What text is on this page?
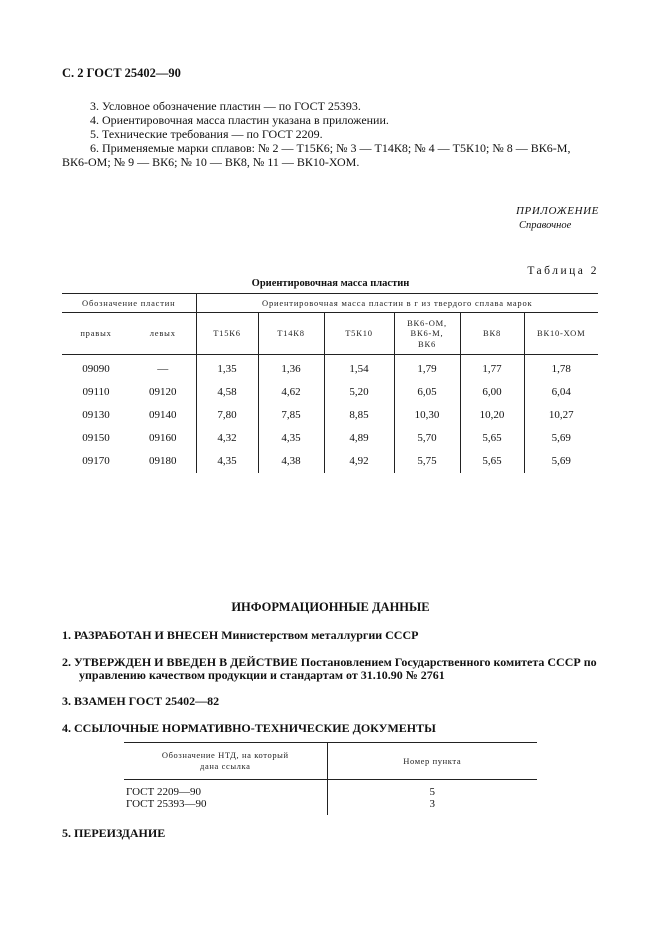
С. 2 ГОСТ 25402—90
3. Условное обозначение пластин — по ГОСТ 25393.
4. Ориентировочная масса пластин указана в приложении.
5. Технические требования — по ГОСТ 2209.
6. Применяемые марки сплавов: № 2 — Т15К6; № 3 — Т14К8; № 4 — Т5К10; № 8 — ВК6-М,
ВК6-ОМ; № 9 — ВК6; № 10 — ВК8, № 11 — ВК10-ХОМ.
ПРИЛОЖЕНИЕ
Справочное
Таблица 2
Ориентировочная масса пластин
Обозначение пластин		Ориентировочная масса пластин в г из твердого сплава марок					
правых	левых	Т15К6	Т14К8	Т5К10	ВК6-ОМ,
ВК6-М,
ВК6	ВК8	ВК10-ХОМ
09090	—	1,35	1,36	1,54	1,79	1,77	1,78
09110	09120	4,58	4,62	5,20	6,05	6,00	6,04
09130	09140	7,80	7,85	8,85	10,30	10,20	10,27
09150	09160	4,32	4,35	4,89	5,70	5,65	5,69
09170	09180	4,35	4,38	4,92	5,75	5,65	5,69
ИНФОРМАЦИОННЫЕ ДАННЫЕ
1. РАЗРАБОТАН И ВНЕСЕН Министерством металлургии СССР
2. УТВЕРЖДЕН И ВВЕДЕН В ДЕЙСТВИЕ Постановлением Государственного комитета СССР по
управлению качеством продукции и стандартам от 31.10.90 № 2761
3. ВЗАМЕН ГОСТ 25402—82
4. ССЫЛОЧНЫЕ НОРМАТИВНО-ТЕХНИЧЕСКИЕ ДОКУМЕНТЫ
Обозначение НТД, на который
дана ссылка	Номер пункта

ГОСТ 2209—90	5
ГОСТ 25393—90	3
5. ПЕРЕИЗДАНИЕ
